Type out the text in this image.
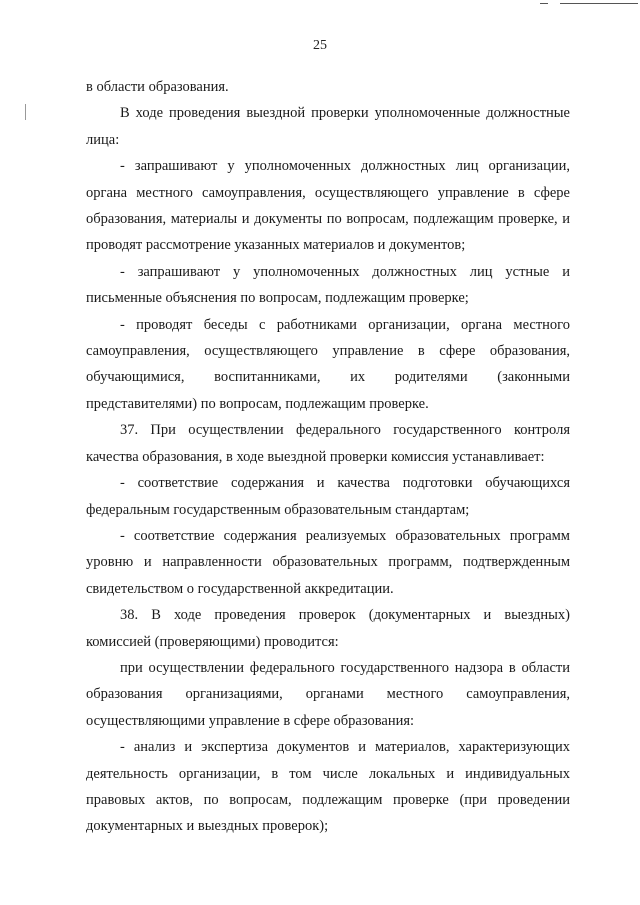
25

в области образования.

В ходе проведения выездной проверки уполномоченные должностные лица:

- запрашивают у уполномоченных должностных лиц организации, органа местного самоуправления, осуществляющего управление в сфере образования, материалы и документы по вопросам, подлежащим проверке, и проводят рассмотрение указанных материалов и документов;

- запрашивают у уполномоченных должностных лиц устные и письменные объяснения по вопросам, подлежащим проверке;

- проводят беседы с работниками организации, органа местного самоуправления, осуществляющего управление в сфере образования, обучающимися, воспитанниками, их родителями (законными представителями) по вопросам, подлежащим проверке.

37. При осуществлении федерального государственного контроля качества образования, в ходе выездной проверки комиссия устанавливает:

- соответствие содержания и качества подготовки обучающихся федеральным государственным образовательным стандартам;

- соответствие содержания реализуемых образовательных программ уровню и направленности образовательных программ, подтвержденным свидетельством о государственной аккредитации.

38. В ходе проведения проверок (документарных и выездных) комиссией (проверяющими) проводится:

при осуществлении федерального государственного надзора в области образования организациями, органами местного самоуправления, осуществляющими управление в сфере образования:

- анализ и экспертиза документов и материалов, характеризующих деятельность организации, в том числе локальных и индивидуальных правовых актов, по вопросам, подлежащим проверке (при проведении документарных и выездных проверок);
